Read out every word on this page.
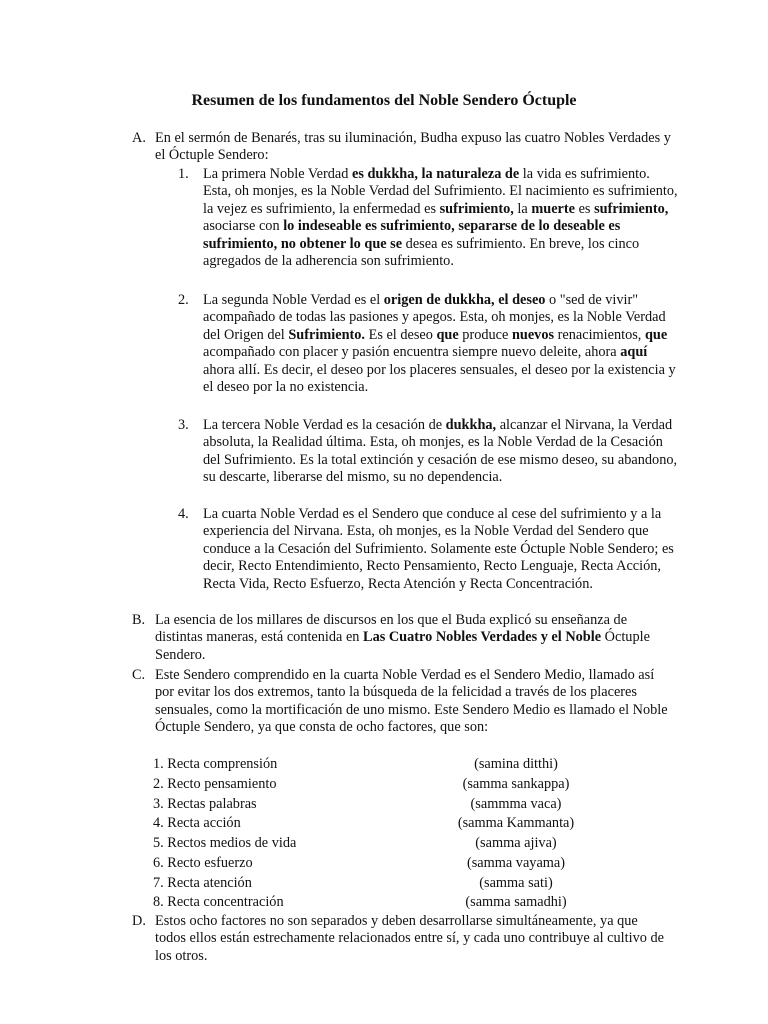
Resumen de los fundamentos del Noble Sendero Óctuple
A. En el sermón de Benarés, tras su iluminación, Budha expuso las cuatro Nobles Verdades y el Óctuple Sendero:
1. La primera Noble Verdad es dukkha, la naturaleza de la vida es sufrimiento. Esta, oh monjes, es la Noble Verdad del Sufrimiento. El nacimiento es sufrimiento, la vejez es sufrimiento, la enfermedad es sufrimiento, la muerte es sufrimiento, asociarse con lo indeseable es sufrimiento, separarse de lo deseable es sufrimiento, no obtener lo que se desea es sufrimiento. En breve, los cinco agregados de la adherencia son sufrimiento.
2. La segunda Noble Verdad es el origen de dukkha, el deseo o "sed de vivir" acompañado de todas las pasiones y apegos. Esta, oh monjes, es la Noble Verdad del Origen del Sufrimiento. Es el deseo que produce nuevos renacimientos, que acompañado con placer y pasión encuentra siempre nuevo deleite, ahora aquí ahora allí. Es decir, el deseo por los placeres sensuales, el deseo por la existencia y el deseo por la no existencia.
3. La tercera Noble Verdad es la cesación de dukkha, alcanzar el Nirvana, la Verdad absoluta, la Realidad última. Esta, oh monjes, es la Noble Verdad de la Cesación del Sufrimiento. Es la total extinción y cesación de ese mismo deseo, su abandono, su descarte, liberarse del mismo, su no dependencia.
4. La cuarta Noble Verdad es el Sendero que conduce al cese del sufrimiento y a la experiencia del Nirvana. Esta, oh monjes, es la Noble Verdad del Sendero que conduce a la Cesación del Sufrimiento. Solamente este Óctuple Noble Sendero; es decir, Recto Entendimiento, Recto Pensamiento, Recto Lenguaje, Recta Acción, Recta Vida, Recto Esfuerzo, Recta Atención y Recta Concentración.
B. La esencia de los millares de discursos en los que el Buda explicó su enseñanza de distintas maneras, está contenida en Las Cuatro Nobles Verdades y el Noble Óctuple Sendero.
C. Este Sendero comprendido en la cuarta Noble Verdad es el Sendero Medio, llamado así por evitar los dos extremos, tanto la búsqueda de la felicidad a través de los placeres sensuales, como la mortificación de uno mismo. Este Sendero Medio es llamado el Noble Óctuple Sendero, ya que consta de ocho factores, que son:
1. Recta comprensión	(samina ditthi)
2. Recto pensamiento	(samma sankappa)
3. Rectas palabras	(sammma vaca)
4. Recta acción	(samma Kammanta)
5. Rectos medios de vida	(samma ajiva)
6. Recto esfuerzo	(samma vayama)
7. Recta atención	(samma sati)
8. Recta concentración	(samma samadhi)
D. Estos ocho factores no son separados y deben desarrollarse simultáneamente, ya que todos ellos están estrechamente relacionados entre sí, y cada uno contribuye al cultivo de los otros.
